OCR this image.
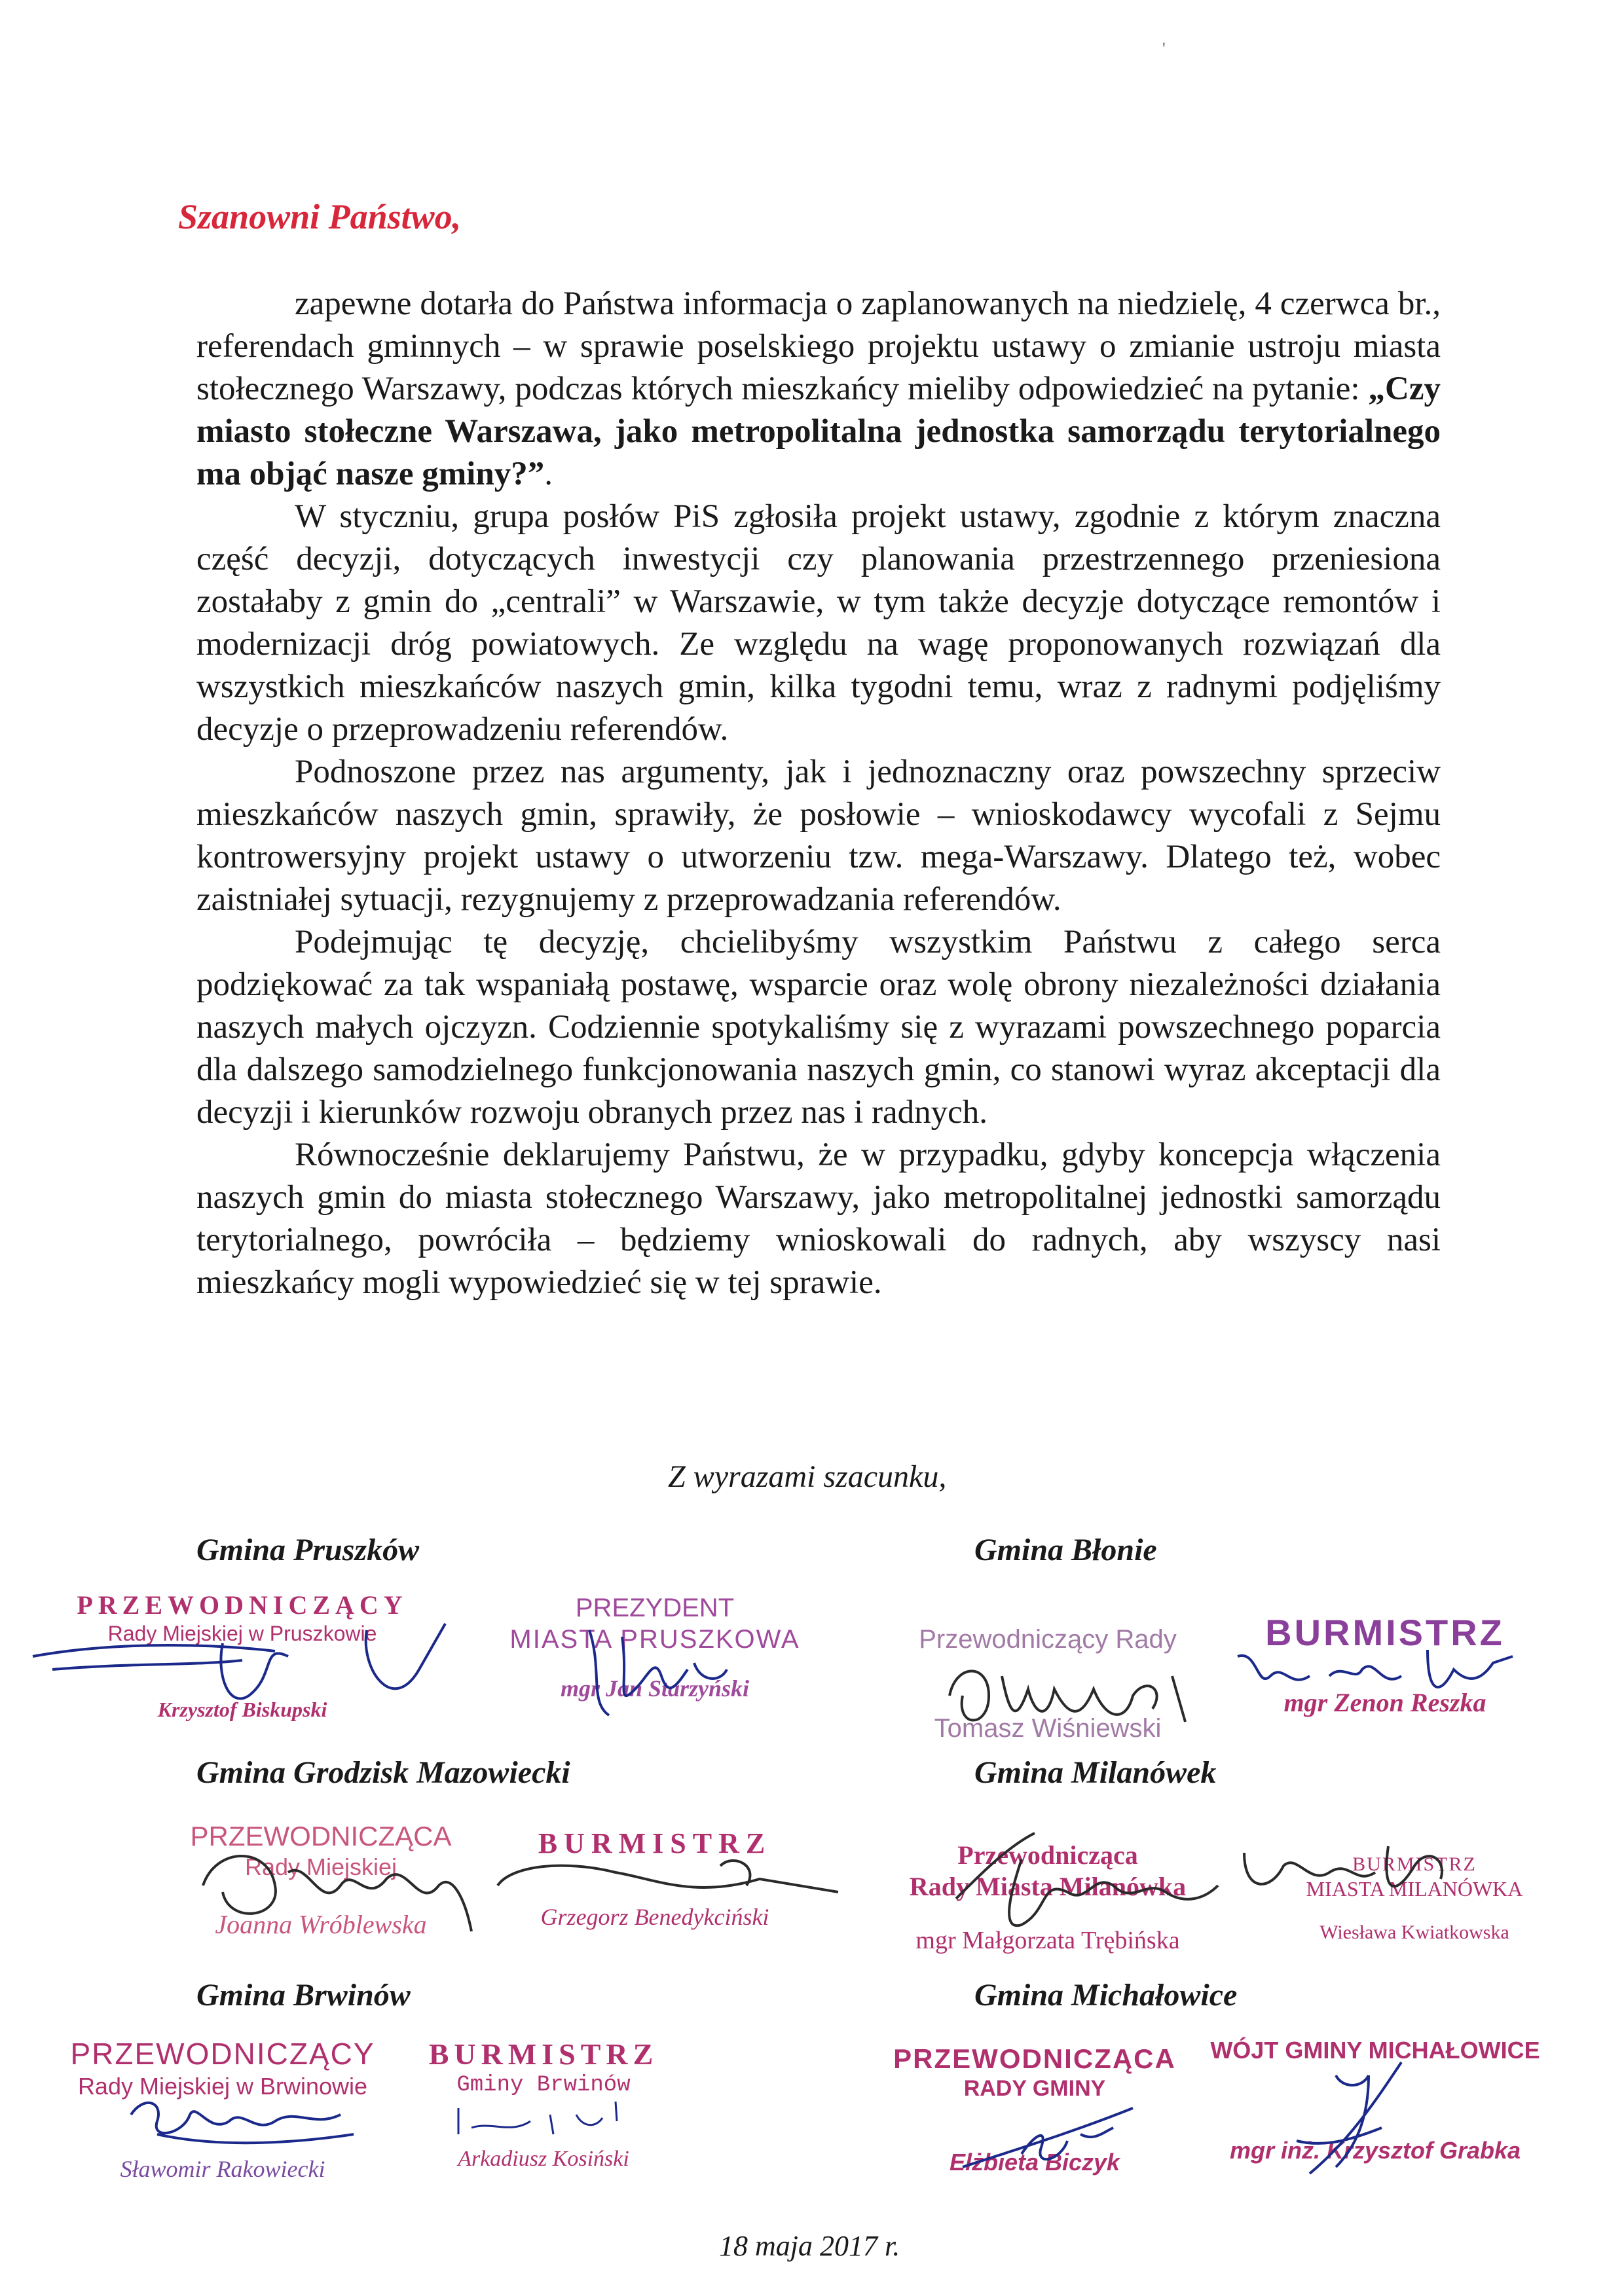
'
Szanowni Państwo,

zapewne dotarła do Państwa informacja o zaplanowanych na niedzielę, 4 czerwca br., referendach gminnych – w sprawie poselskiego projektu ustawy o zmianie ustroju miasta stołecznego Warszawy, podczas których mieszkańcy mieliby odpowiedzieć na pytanie: „Czy miasto stołeczne Warszawa, jako metropolitalna jednostka samorządu terytorialnego ma objąć nasze gminy?”.

W styczniu, grupa posłów PiS zgłosiła projekt ustawy, zgodnie z którym znaczna część decyzji, dotyczących inwestycji czy planowania przestrzennego przeniesiona zostałaby z gmin do „centrali” w Warszawie, w tym także decyzje dotyczące remontów i modernizacji dróg powiatowych. Ze względu na wagę proponowanych rozwiązań dla wszystkich mieszkańców naszych gmin, kilka tygodni temu, wraz z radnymi podjęliśmy decyzje o przeprowadzeniu referendów.

Podnoszone przez nas argumenty, jak i jednoznaczny oraz powszechny sprzeciw mieszkańców naszych gmin, sprawiły, że posłowie – wnioskodawcy wycofali z Sejmu kontrowersyjny projekt ustawy o utworzeniu tzw. mega-Warszawy. Dlatego też, wobec zaistniałej sytuacji, rezygnujemy z przeprowadzania referendów.

Podejmując tę decyzję, chcielibyśmy wszystkim Państwu z całego serca podziękować za tak wspaniałą postawę, wsparcie oraz wolę obrony niezależności działania naszych małych ojczyzn. Codziennie spotykaliśmy się z wyrazami powszechnego poparcia dla dalszego samodzielnego funkcjonowania naszych gmin, co stanowi wyraz akceptacji dla decyzji i kierunków rozwoju obranych przez nas i radnych.

Równocześnie deklarujemy Państwu, że w przypadku, gdyby koncepcja włączenia naszych gmin do miasta stołecznego Warszawy, jako metropolitalnej jednostki samorządu terytorialnego, powróciła – będziemy wnioskowali do radnych, aby wszyscy nasi mieszkańcy mogli wypowiedzieć się w tej sprawie.

Z wyrazami szacunku,
Gmina Pruszków	Gmina Błonie
PRZEWODNICZĄCY
Rady Miejskiej w Pruszkowie
Krzysztof Biskupski
PREZYDENT
MIASTA PRUSZKOWA
mgr Jan Starzyński
Przewodniczący Rady
Tomasz Wiśniewski
BURMISTRZ
mgr Zenon Reszka
Gmina Grodzisk Mazowiecki	Gmina Milanówek
PRZEWODNICZĄCA
Rady Miejskiej
Joanna Wróblewska
BURMISTRZ
Grzegorz Benedykciński
Przewodnicząca
Rady Miasta Milanówka
mgr Małgorzata Trębińska
BURMISTRZ
MIASTA MILANÓWKA
Wiesława Kwiatkowska
Gmina Brwinów	Gmina Michałowice
PRZEWODNICZĄCY
Rady Miejskiej w Brwinowie
Sławomir Rakowiecki
BURMISTRZ
Gminy Brwinów
Arkadiusz Kosiński
PRZEWODNICZĄCA
RADY GMINY
Elżbieta Biczyk
WÓJT GMINY MICHAŁOWICE
mgr inż. Krzysztof Grabka
18 maja 2017 r.
